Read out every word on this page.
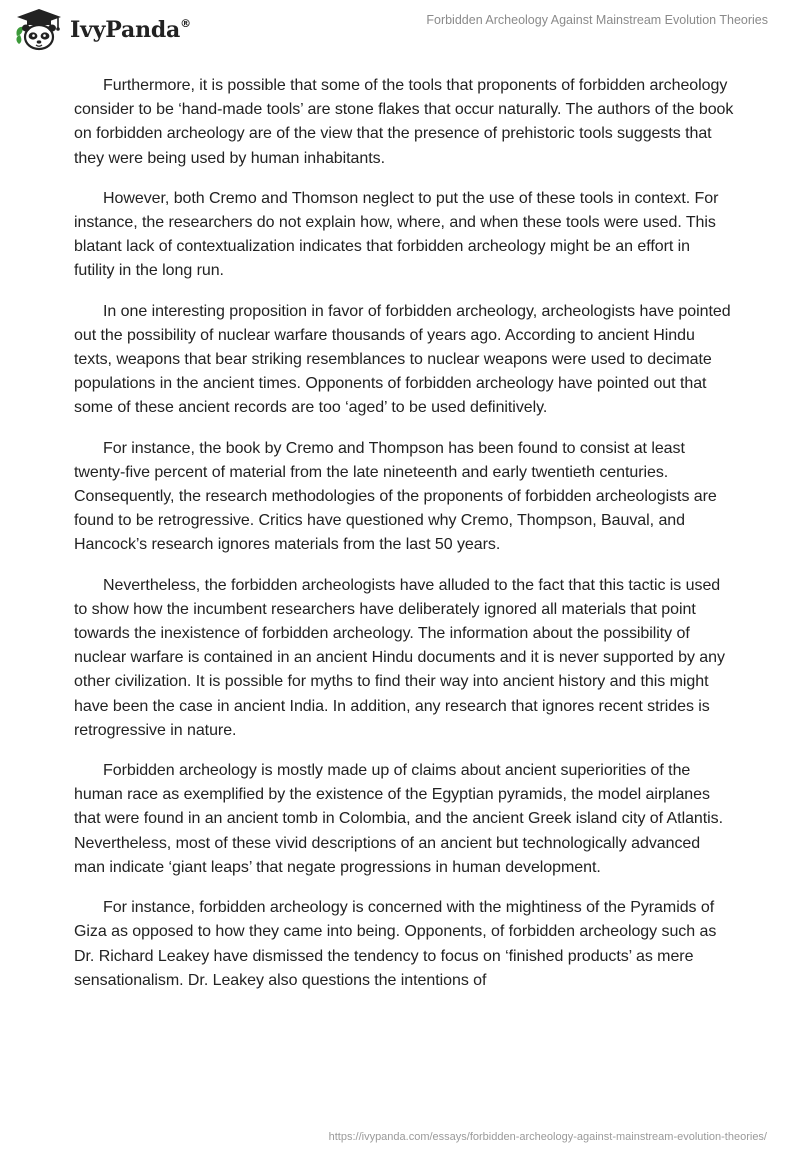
IvyPanda®	Forbidden Archeology Against Mainstream Evolution Theories

Furthermore, it is possible that some of the tools that proponents of forbidden archeology consider to be ‘hand-made tools’ are stone flakes that occur naturally. The authors of the book on forbidden archeology are of the view that the presence of prehistoric tools suggests that they were being used by human inhabitants.

However, both Cremo and Thomson neglect to put the use of these tools in context. For instance, the researchers do not explain how, where, and when these tools were used. This blatant lack of contextualization indicates that forbidden archeology might be an effort in futility in the long run.

In one interesting proposition in favor of forbidden archeology, archeologists have pointed out the possibility of nuclear warfare thousands of years ago. According to ancient Hindu texts, weapons that bear striking resemblances to nuclear weapons were used to decimate populations in the ancient times. Opponents of forbidden archeology have pointed out that some of these ancient records are too ‘aged’ to be used definitively.

For instance, the book by Cremo and Thompson has been found to consist at least twenty-five percent of material from the late nineteenth and early twentieth centuries. Consequently, the research methodologies of the proponents of forbidden archeologists are found to be retrogressive. Critics have questioned why Cremo, Thompson, Bauval, and Hancock’s research ignores materials from the last 50 years.

Nevertheless, the forbidden archeologists have alluded to the fact that this tactic is used to show how the incumbent researchers have deliberately ignored all materials that point towards the inexistence of forbidden archeology. The information about the possibility of nuclear warfare is contained in an ancient Hindu documents and it is never supported by any other civilization. It is possible for myths to find their way into ancient history and this might have been the case in ancient India. In addition, any research that ignores recent strides is retrogressive in nature.

Forbidden archeology is mostly made up of claims about ancient superiorities of the human race as exemplified by the existence of the Egyptian pyramids, the model airplanes that were found in an ancient tomb in Colombia, and the ancient Greek island city of Atlantis. Nevertheless, most of these vivid descriptions of an ancient but technologically advanced man indicate ‘giant leaps’ that negate progressions in human development.

For instance, forbidden archeology is concerned with the mightiness of the Pyramids of Giza as opposed to how they came into being. Opponents, of forbidden archeology such as Dr. Richard Leakey have dismissed the tendency to focus on ‘finished products’ as mere sensationalism. Dr. Leakey also questions the intentions of

https://ivypanda.com/essays/forbidden-archeology-against-mainstream-evolution-theories/
